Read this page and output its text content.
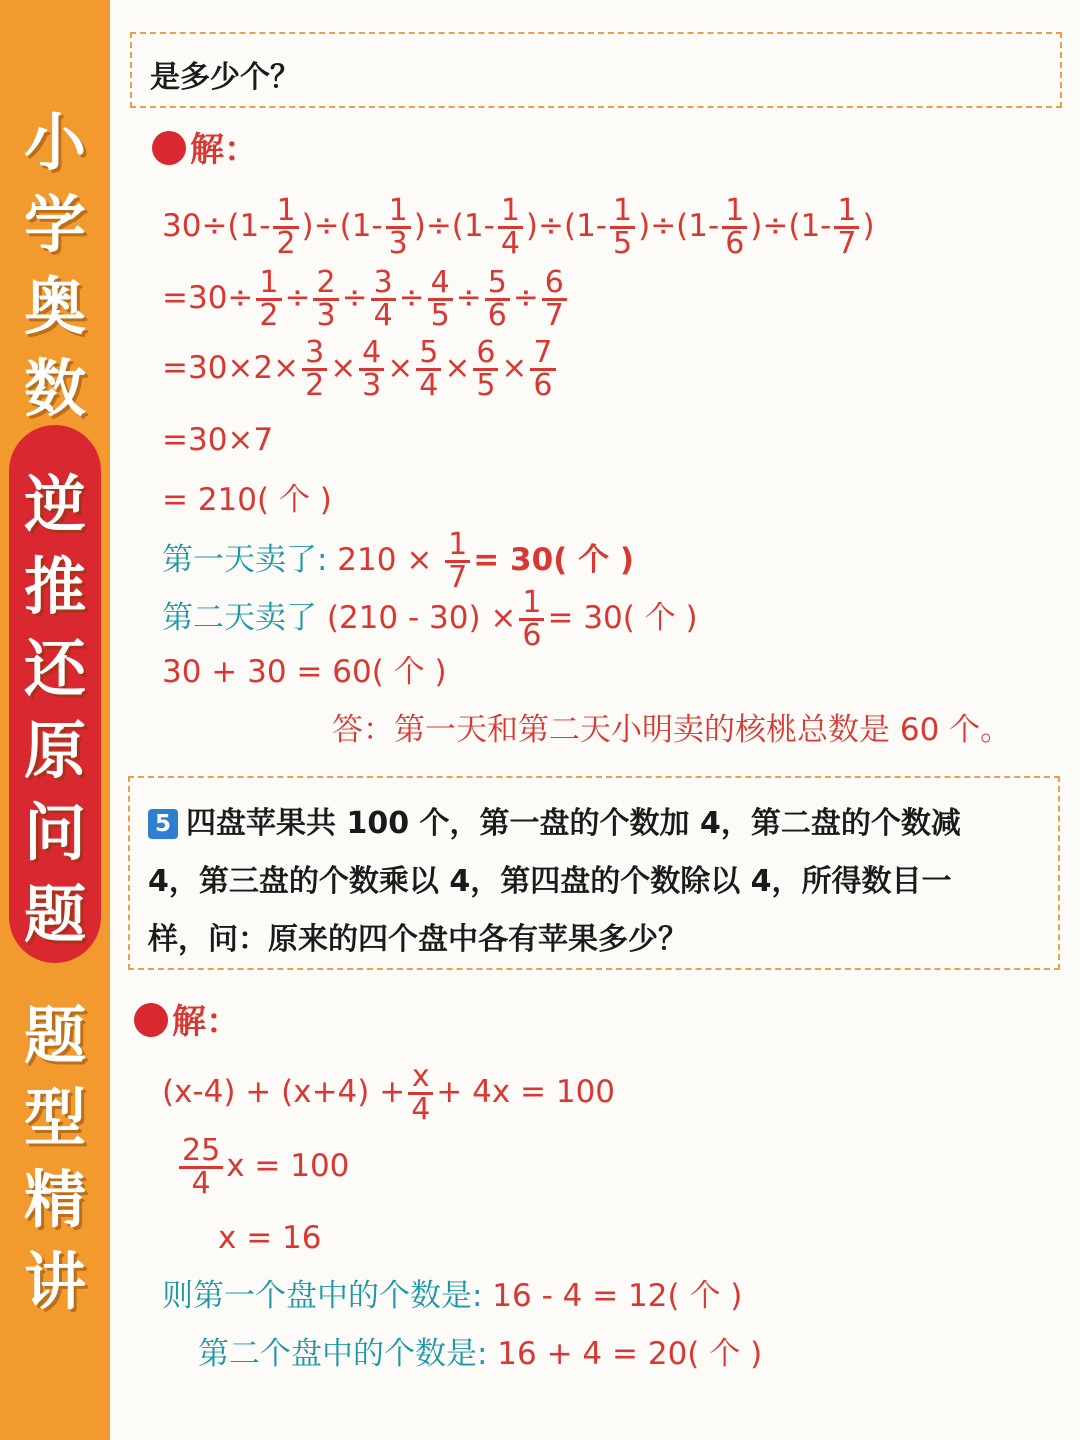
小
学
奥
数
逆
推
还
原
问
题
题
型
精
讲
是多少个？
解：
$30\div(1- \frac{1}{2} )\div(1- \frac{1}{3} )\div(1- \frac{1}{4} )\div(1- \frac{1}{5} )\div(1- \frac{1}{6} )\div(1- \frac{1}{7}$ )
$=30\div \frac{1}{2} \div \frac{2}{3} \div \frac{3}{4} \div \frac{4}{5} \div \frac{5}{6} \div \frac{6}{7}$
$=30\times 2\times \frac{3}{2} \times \frac{4}{3} \times \frac{5}{4} \times \frac{6}{5} \times \frac{7}{6}$
=30×7
= 210( 个 )
第一天卖了: $210 \times \frac{1}{7} = 30$( 个 )
第二天卖了 $(210 - 30) \times \frac{1}{6} = 30$( 个 )
30 + 30 = 60( 个 )
答：第一天和第二天小明卖的核桃总数是 60 个。
5 四盘苹果共 100 个，第一盘的个数加 4，第二盘的个数减
4，第三盘的个数乘以 4，第四盘的个数除以 4，所得数目一
样，问：原来的四个盘中各有苹果多少？
解：
$(x-4) + (x+4) + \frac{x}{4} + 4x = 100$
$\frac{25}{4}$ x = 100
x = 16
则第一个盘中的个数是: 16 - 4 = 12( 个 )
第二个盘中的个数是: 16 + 4 = 20( 个 )
